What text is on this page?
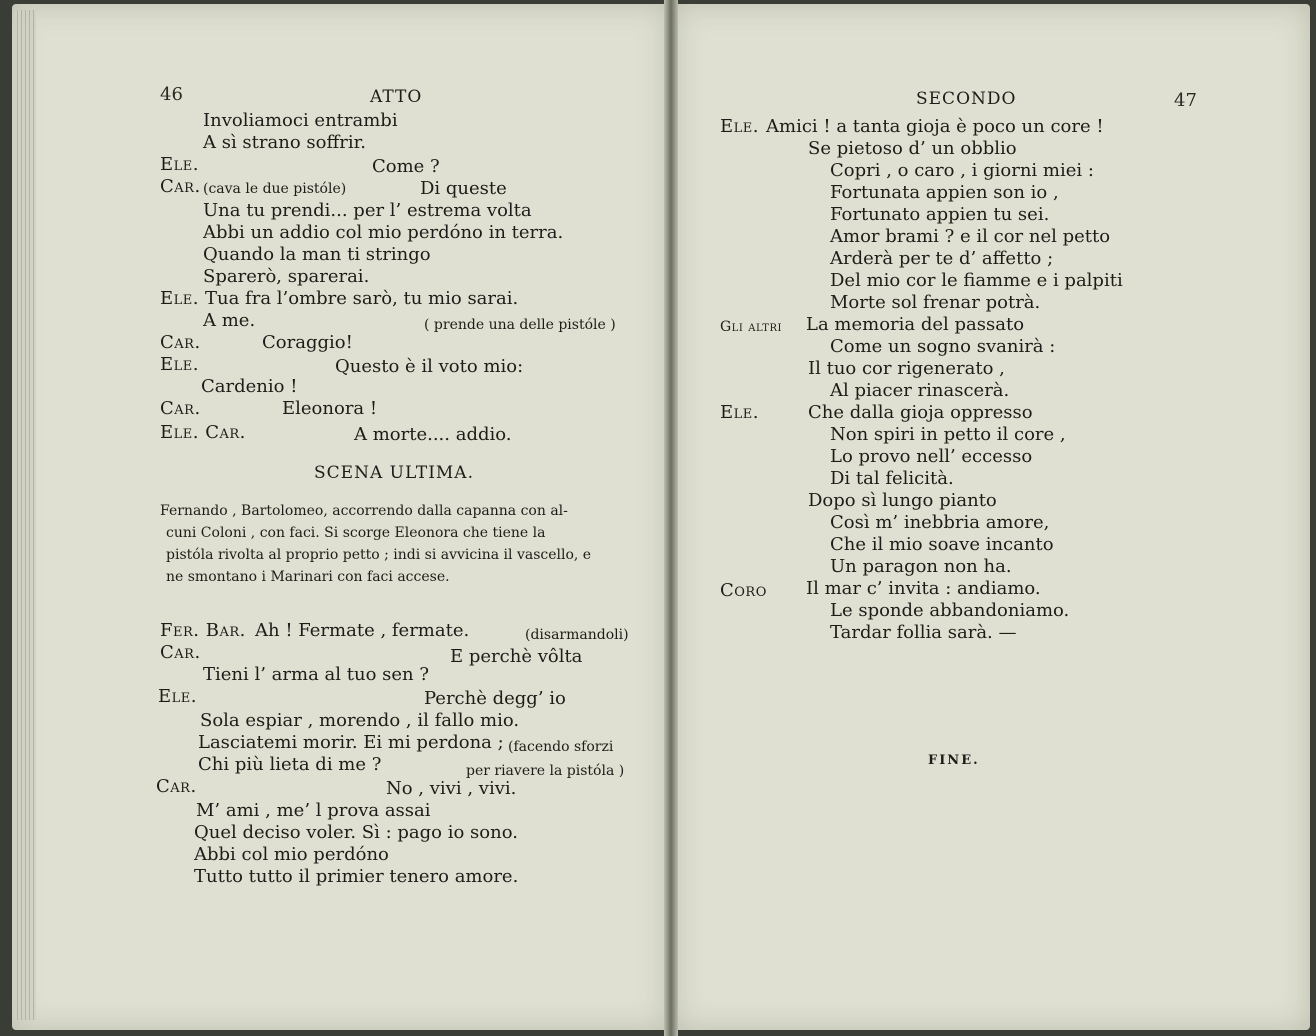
46	ATTO
Involiamoci entrambi
A sì strano soffrir.
Ele.	Come ?
Car. (cava le due pistóle)	Di queste
Una tu prendi... per l’ estrema volta
Abbi un addio col mio perdóno in terra.
Quando la man ti stringo
Sparerò, sparerai.
Ele. Tua fra l’ombre sarò, tu mio sarai.
A me.	( prende una delle pistóle )
Car.	Coraggio!
Ele.	Questo è il voto mio:
Cardenio !
Car.	Eleonora !
Ele. Car.	A morte.... addio.
SCENA ULTIMA.
Fernando , Bartolomeo, accorrendo dalla capanna con al-
cuni Coloni , con faci. Si scorge Eleonora che tiene la
pistóla rivolta al proprio petto ; indi si avvicina il vascello, e
ne smontano i Marinari con faci accese.
Fer. Bar. Ah ! Fermate , fermate.	(disarmandoli)
Car.	E perchè vôlta
Tieni l’ arma al tuo sen ?
Ele.	Perchè degg’ io
Sola espiar , morendo , il fallo mio.
Lasciatemi morir. Ei mi perdona ; (facendo sforzi
Chi più lieta di me ?	per riavere la pistóla )
Car.	No , vivi , vivi.
M’ ami , me’ l prova assai
Quel deciso voler. Sì : pago io sono.
Abbi col mio perdóno
Tutto tutto il primier tenero amore.
SECONDO	47
Ele. Amici ! a tanta gioja è poco un core !
Se pietoso d’ un obblio
Copri , o caro , i giorni miei :
Fortunata appien son io ,
Fortunato appien tu sei.
Amor brami ? e il cor nel petto
Arderà per te d’ affetto ;
Del mio cor le fiamme e i palpiti
Morte sol frenar potrà.
Gli altri La memoria del passato
Come un sogno svanirà :
Il tuo cor rigenerato ,
Al piacer rinascerà.
Ele.	Che dalla gioja oppresso
Non spiri in petto il core ,
Lo provo nell’ eccesso
Di tal felicità.
Dopo sì lungo pianto
Così m’ inebbria amore,
Che il mio soave incanto
Un paragon non ha.
Coro Il mar c’ invita : andiamo.
Le sponde abbandoniamo.
Tardar follia sarà. —
FINE.
